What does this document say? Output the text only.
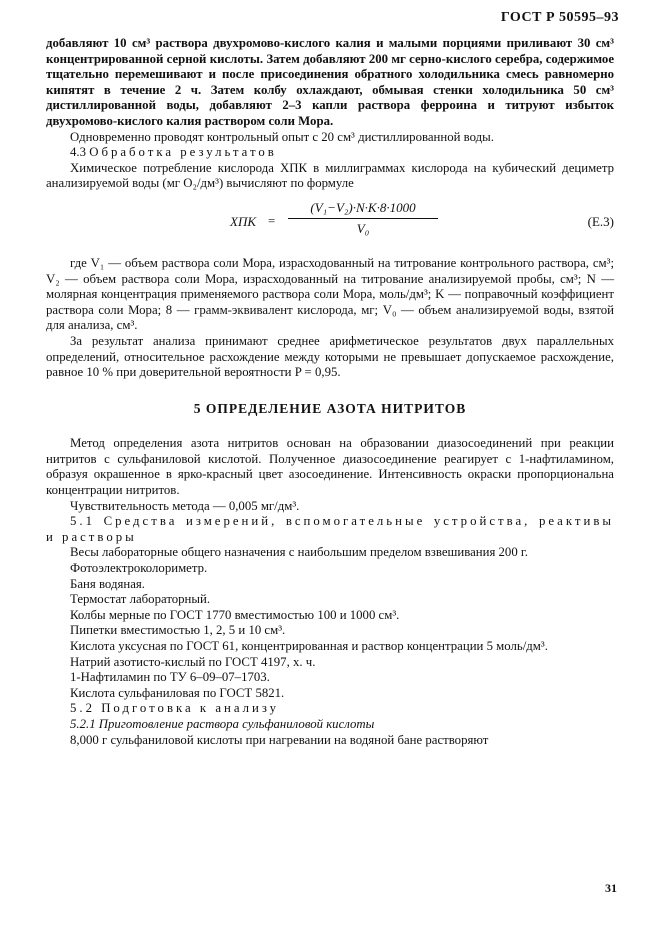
ГОСТ Р 50595–93

добавляют 10 см³ раствора двухромово-кислого калия и малыми порциями приливают 30 см³ концентрированной серной кислоты. Затем добавляют 200 мг серно-кислого серебра, содержимое тщательно перемешивают и после присоединения обратного холодильника смесь равномерно кипятят в течение 2 ч. Затем колбу охлаждают, обмывая стенки холодильника 50 см³ дистиллированной воды, добавляют 2–3 капли раствора ферроина и титруют избыток двухромово-кислого калия раствором соли Мора.

Одновременно проводят контрольный опыт с 20 см³ дистиллированной воды.

4.3 Обработка результатов

Химическое потребление кислорода ХПК в миллиграммах кислорода на кубический дециметр анализируемой воды (мг O₂/дм³) вычисляют по формуле

ХПК = $\frac{\text{(V₁−V₂)·N·K·8·1000}}{\text{V₀}}$	(Е.3)

где V₁ — объем раствора соли Мора, израсходованный на титрование контрольного раствора, см³; V₂ — объем раствора соли Мора, израсходованный на титрование анализируемой пробы, см³; N — молярная концентрация применяемого раствора соли Мора, моль/дм³; K — поправочный коэффициент раствора соли Мора; 8 — грамм-эквивалент кислорода, мг; V₀ — объем анализируемой воды, взятой для анализа, см³.

За результат анализа принимают среднее арифметическое результатов двух параллельных определений, относительное расхождение между которыми не превышает допускаемое расхождение, равное 10 % при доверительной вероятности P = 0,95.

5 ОПРЕДЕЛЕНИЕ АЗОТА НИТРИТОВ

Метод определения азота нитритов основан на образовании диазосоединений при реакции нитритов с сульфаниловой кислотой. Полученное диазосоединение реагирует с 1-нафтиламином, образуя окрашенное в ярко-красный цвет азосоединение. Интенсивность окраски пропорциональна концентрации нитритов.

Чувствительность метода — 0,005 мг/дм³.

5.1 Средства измерений, вспомогательные устройства, реактивы и растворы

Весы лабораторные общего назначения с наибольшим пределом взвешивания 200 г.

Фотоэлектроколориметр.

Баня водяная.

Термостат лабораторный.

Колбы мерные по ГОСТ 1770 вместимостью 100 и 1000 см³.

Пипетки вместимостью 1, 2, 5 и 10 см³.

Кислота уксусная по ГОСТ 61, концентрированная и раствор концентрации 5 моль/дм³.

Натрий азотисто-кислый по ГОСТ 4197, х. ч.

1-Нафтиламин по ТУ 6–09–07–1703.

Кислота сульфаниловая по ГОСТ 5821.

5.2 Подготовка к анализу

5.2.1 Приготовление раствора сульфаниловой кислоты

8,000 г сульфаниловой кислоты при нагревании на водяной бане растворяют

31
